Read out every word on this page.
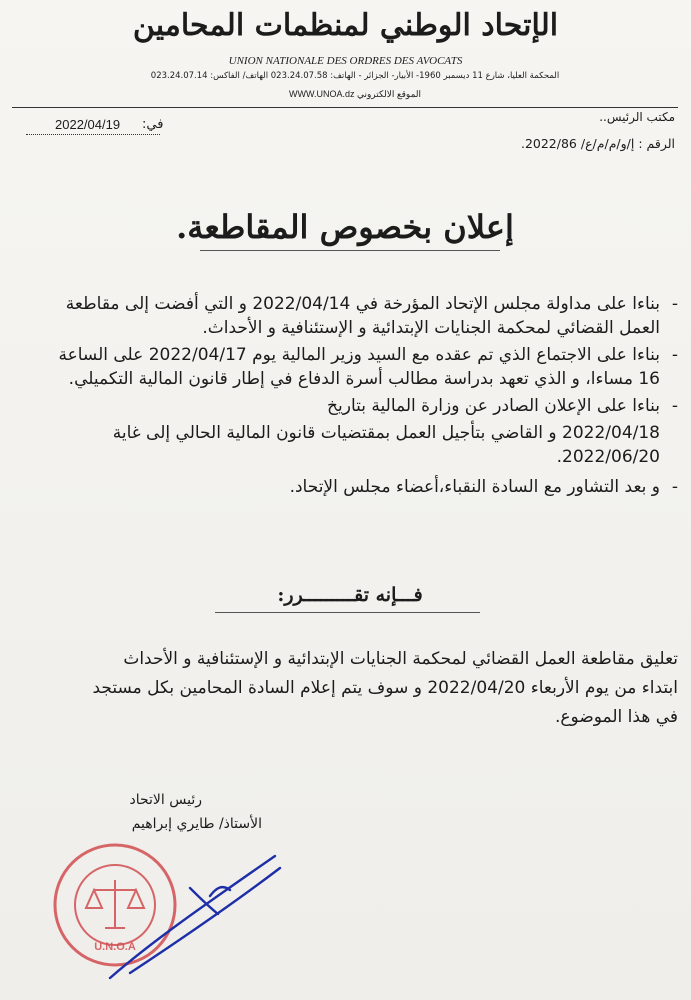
الإتحاد الوطني لمنظمات المحامين
UNION NATIONALE DES ORDRES DES AVOCATS
المحكمة العليا، شارع 11 ديسمبر 1960- الأبيار- الجزائر - الهاتف: 023.24.07.58 الهاتف/ الفاكس: 023.24.07.14
الموقع الالكتروني WWW.UNOA.dz
مكتب الرئيس..
في:
2022/04/19
الرقم : إ/و/م/م/ع/ 2022/86.
إعلان بخصوص المقاطعة.
-

بناءا على مداولة مجلس الإتحاد المؤرخة في 2022/04/14 و التي أفضت إلى مقاطعة

العمل القضائي لمحكمة الجنايات الإبتدائية و الإستئنافية و الأحداث.

-

بناءا على الاجتماع الذي تم عقده مع السيد وزير المالية يوم 2022/04/17 على الساعة

16 مساءا، و الذي تعهد بدراسة مطالب أسرة الدفاع في إطار قانون المالية التكميلي.

-

بناءا على الإعلان الصادر عن وزارة المالية بتاريخ

2022/04/18 و القاضي بتأجيل العمل بمقتضيات قانون المالية الحالي إلى غاية

2022/06/20.

-

و بعد التشاور مع السادة النقباء،أعضاء مجلس الإتحاد.

فـــإنه تقـــــــــرر:

تعليق مقاطعة العمل القضائي لمحكمة الجنايات الإبتدائية و الإستئنافية و الأحداث

ابتداء من يوم الأربعاء 2022/04/20 و سوف يتم إعلام السادة المحامين بكل مستجد

في هذا الموضوع.

رئيس الاتحاد
الأستاذ/ طايري إبراهيم
U.N.O.A
